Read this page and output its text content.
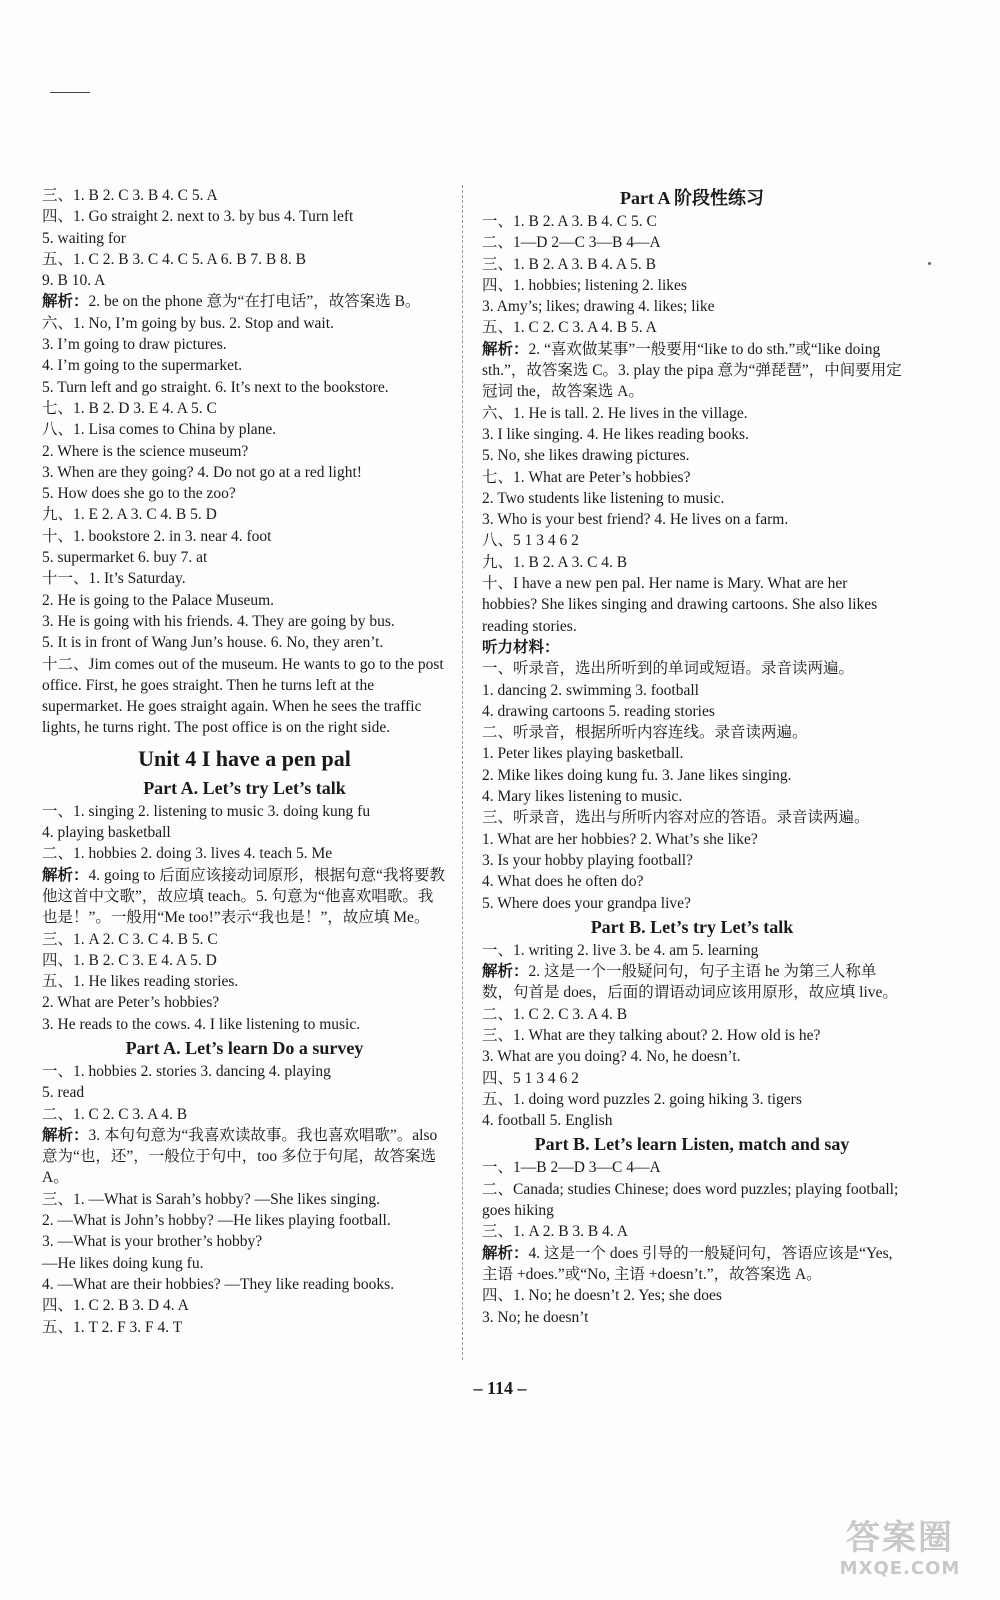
三、1. B 2. C 3. B 4. C 5. A
四、1. Go straight 2. next to 3. by bus 4. Turn left
5. waiting for
五、1. C 2. B 3. C 4. C 5. A 6. B 7. B 8. B
9. B 10. A
解析：2. be on the phone 意为“在打电话”，故答案选 B。
六、1. No, I’m going by bus. 2. Stop and wait.
3. I’m going to draw pictures.
4. I’m going to the supermarket.
5. Turn left and go straight. 6. It’s next to the bookstore.
七、1. B 2. D 3. E 4. A 5. C
八、1. Lisa comes to China by plane.
2. Where is the science museum?
3. When are they going? 4. Do not go at a red light!
5. How does she go to the zoo?
九、1. E 2. A 3. C 4. B 5. D
十、1. bookstore 2. in 3. near 4. foot
5. supermarket 6. buy 7. at
十一、1. It’s Saturday.
2. He is going to the Palace Museum.
3. He is going with his friends. 4. They are going by bus.
5. It is in front of Wang Jun’s house. 6. No, they aren’t.
十二、Jim comes out of the museum. He wants to go to the post office. First, he goes straight. Then he turns left at the supermarket. He goes straight again. When he sees the traffic lights, he turns right. The post office is on the right side.
Unit 4 I have a pen pal
Part A. Let’s try Let’s talk
一、1. singing 2. listening to music 3. doing kung fu
4. playing basketball
二、1. hobbies 2. doing 3. lives 4. teach 5. Me
解析：4. going to 后面应该接动词原形，根据句意“我将要教他这首中文歌”，故应填 teach。5. 句意为“他喜欢唱歌。我也是！”。一般用“Me too!”表示“我也是！”，故应填 Me。
三、1. A 2. C 3. C 4. B 5. C
四、1. B 2. C 3. E 4. A 5. D
五、1. He likes reading stories.
2. What are Peter’s hobbies?
3. He reads to the cows. 4. I like listening to music.
Part A. Let’s learn Do a survey
一、1. hobbies 2. stories 3. dancing 4. playing
5. read
二、1. C 2. C 3. A 4. B
解析：3. 本句句意为“我喜欢读故事。我也喜欢唱歌”。also 意为“也，还”，一般位于句中，too 多位于句尾，故答案选 A。
三、1. —What is Sarah’s hobby? —She likes singing.
2. —What is John’s hobby? —He likes playing football.
3. —What is your brother’s hobby?
—He likes doing kung fu.
4. —What are their hobbies? —They like reading books.
四、1. C 2. B 3. D 4. A
五、1. T 2. F 3. F 4. T
Part A 阶段性练习
一、1. B 2. A 3. B 4. C 5. C
二、1—D 2—C 3—B 4—A
三、1. B 2. A 3. B 4. A 5. B
四、1. hobbies; listening 2. likes
3. Amy’s; likes; drawing 4. likes; like
五、1. C 2. C 3. A 4. B 5. A
解析：2. “喜欢做某事”一般要用“like to do sth.”或“like doing sth.”，故答案选 C。3. play the pipa 意为“弹琵琶”，中间要用定冠词 the，故答案选 A。
六、1. He is tall. 2. He lives in the village.
3. I like singing. 4. He likes reading books.
5. No, she likes drawing pictures.
七、1. What are Peter’s hobbies?
2. Two students like listening to music.
3. Who is your best friend? 4. He lives on a farm.
八、5 1 3 4 6 2
九、1. B 2. A 3. C 4. B
十、I have a new pen pal. Her name is Mary. What are her hobbies? She likes singing and drawing cartoons. She also likes reading stories.
听力材料：
一、听录音，选出所听到的单词或短语。录音读两遍。
1. dancing 2. swimming 3. football
4. drawing cartoons 5. reading stories
二、听录音，根据所听内容连线。录音读两遍。
1. Peter likes playing basketball.
2. Mike likes doing kung fu. 3. Jane likes singing.
4. Mary likes listening to music.
三、听录音，选出与所听内容对应的答语。录音读两遍。
1. What are her hobbies? 2. What’s she like?
3. Is your hobby playing football?
4. What does he often do?
5. Where does your grandpa live?
Part B. Let’s try Let’s talk
一、1. writing 2. live 3. be 4. am 5. learning
解析：2. 这是一个一般疑问句，句子主语 he 为第三人称单数，句首是 does，后面的谓语动词应该用原形，故应填 live。
二、1. C 2. C 3. A 4. B
三、1. What are they talking about? 2. How old is he?
3. What are you doing? 4. No, he doesn’t.
四、5 1 3 4 6 2
五、1. doing word puzzles 2. going hiking 3. tigers
4. football 5. English
Part B. Let’s learn Listen, match and say
一、1—B 2—D 3—C 4—A
二、Canada; studies Chinese; does word puzzles; playing football; goes hiking
三、1. A 2. B 3. B 4. A
解析：4. 这是一个 does 引导的一般疑问句，答语应该是“Yes, 主语 +does.”或“No, 主语 +doesn’t.”，故答案选 A。
四、1. No; he doesn’t 2. Yes; she does
3. No; he doesn’t
– 114 –
答案圈
MXQE.COM
